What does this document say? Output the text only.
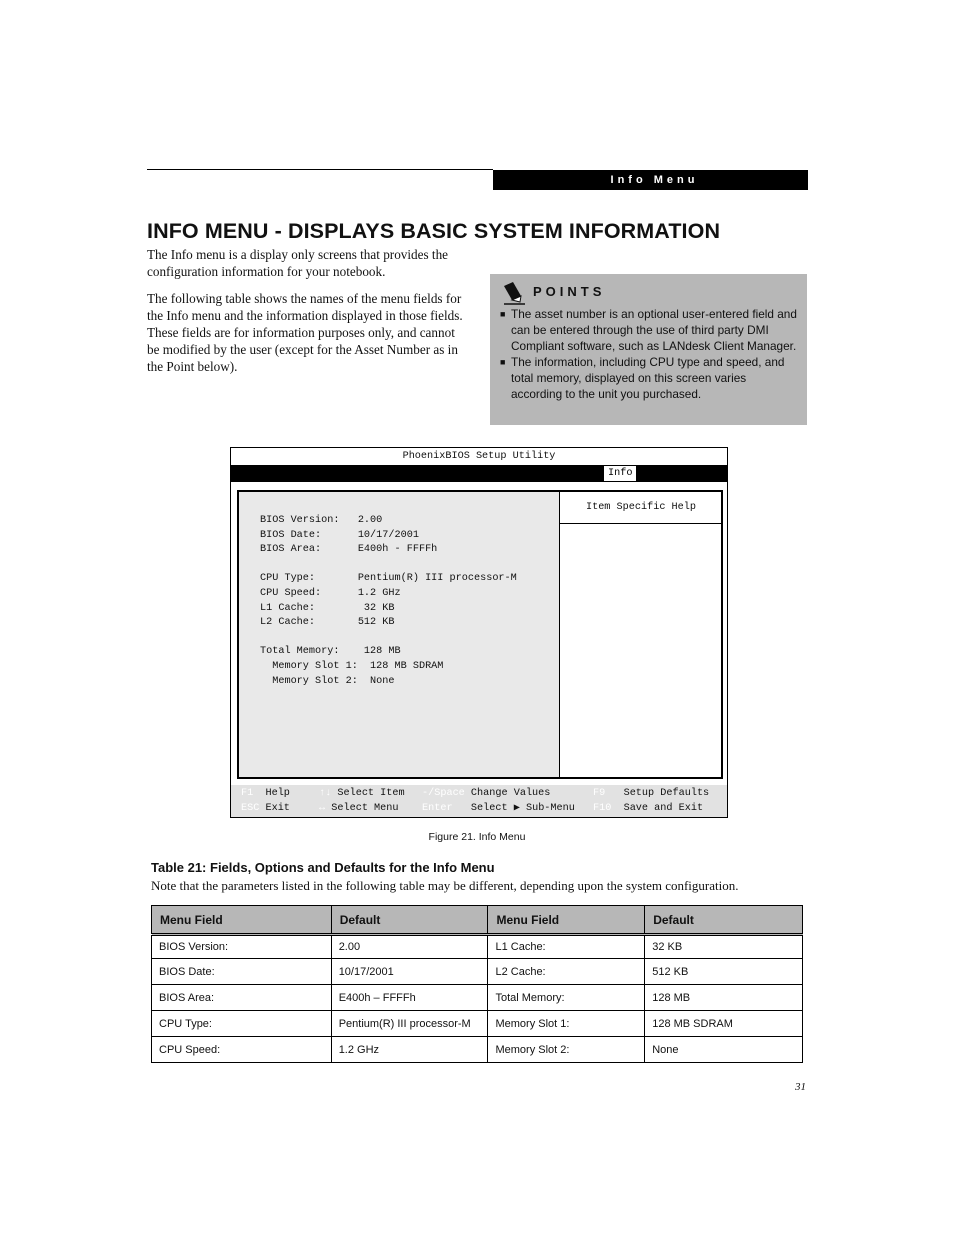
Info Menu
INFO MENU - DISPLAYS BASIC SYSTEM INFORMATION

The Info menu is a display only screens that provides the configuration information for your notebook.

The following table shows the names of the menu fields for the Info menu and the information displayed in those fields. These fields are for information purposes only, and cannot be modified by the user (except for the Asset Number as in the Point below).

POINTS
■ The asset number is an optional user-entered field and can be entered through the use of third party DMI Compliant software, such as LANdesk Client Manager.
■ The information, including CPU type and speed, and total memory, displayed on this screen varies according to the unit you purchased.
PhoenixBIOS Setup Utility
Info
BIOS Version:   2.00
BIOS Date:      10/17/2001
BIOS Area:      E400h - FFFFh
CPU Type:       Pentium(R) III processor-M
CPU Speed:      1.2 GHz
L1 Cache:        32 KB
L2 Cache:       512 KB
Total Memory:    128 MB
Memory Slot 1:  128 MB SDRAM
Memory Slot 2:  None
Item Specific Help
F1 Help
ESC Exit
↑↓ Select Item
↔ Select Menu
-/Space Change Values
Enter Select ▶ Sub-Menu
F9 Setup Defaults
F10 Save and Exit
Figure 21. Info Menu
Table 21: Fields, Options and Defaults for the Info Menu
Note that the parameters listed in the following table may be different, depending upon the system configuration.
Menu Field	Default	Menu Field	Default
BIOS Version:	2.00	L1 Cache:	32 KB
BIOS Date:	10/17/2001	L2 Cache:	512 KB
BIOS Area:	E400h – FFFFh	Total Memory:	128 MB
CPU Type:	Pentium(R) III processor-M	Memory Slot 1:	128 MB SDRAM
CPU Speed:	1.2 GHz	Memory Slot 2:	None
31
